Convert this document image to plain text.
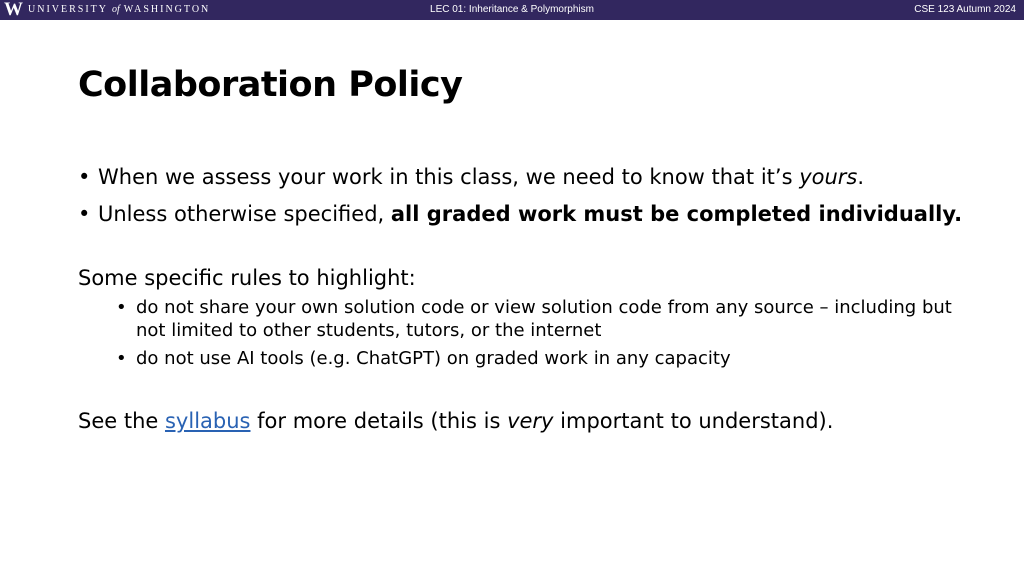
W UNIVERSITY of WASHINGTON	LEC 01: Inheritance & Polymorphism	CSE 123 Autumn 2024
Collaboration Policy
• When we assess your work in this class, we need to know that it’s yours.
• Unless otherwise specified, all graded work must be completed individually.

Some specific rules to highlight:

• do not share your own solution code or view solution code from any source – including but not limited to other students, tutors, or the internet
• do not use AI tools (e.g. ChatGPT) on graded work in any capacity

See the syllabus for more details (this is very important to understand).
